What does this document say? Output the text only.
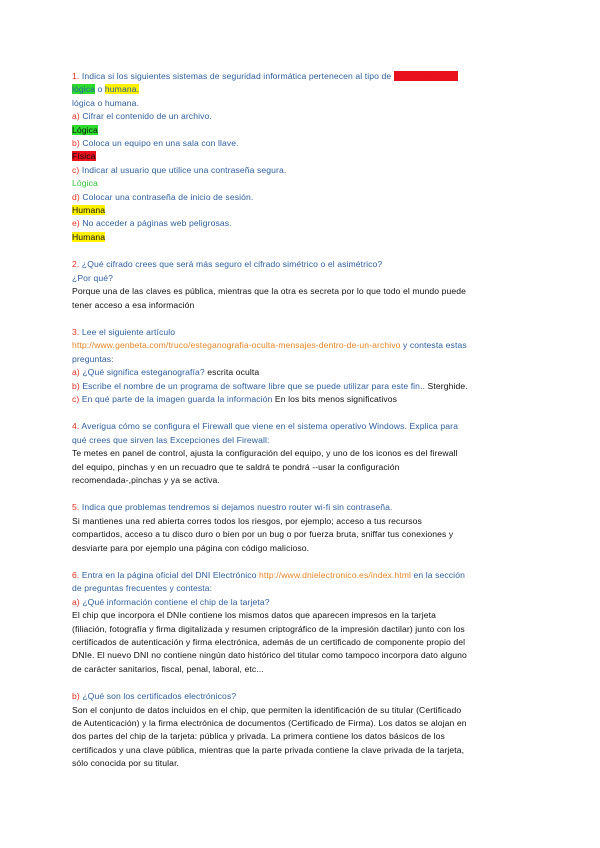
1. Indica si los siguientes sistemas de seguridad informática pertenecen al tipo de seguridad física,
lógica o humana.
lógica o humana.
a) Cifrar el contenido de un archivo.
Lógica
b) Coloca un equipo en una sala con llave.
Física
c) Indicar al usuario que utilice una contraseña segura.
Lógica
d) Colocar una contraseña de inicio de sesión.
Humana
e) No acceder a páginas web peligrosas.
Humana
2. ¿Qué cifrado crees que será más seguro el cifrado simétrico o el asimétrico?
¿Por qué?
Porque una de las claves es pública, mientras que la otra es secreta por lo que todo el mundo puede
tener acceso a esa información
3. Lee el siguiente artículo
http://www.genbeta.com/truco/esteganografia-oculta-mensajes-dentro-de-un-archivo y contesta estas
preguntas:
a) ¿Qué significa esteganografía? escrita oculta
b) Escribe el nombre de un programa de software libre que se puede utilizar para este fin.. Sterghide.
c) En qué parte de la imagen guarda la información En los bits menos significativos
4. Averigua cómo se configura el Firewall que viene en el sistema operativo Windows. Explica para
qué crees que sirven las Excepciones del Firewall:
Te metes en panel de control, ajusta la configuración del equipo, y uno de los iconos es del firewall
del equipo, pinchas y en un recuadro que te saldrá te pondrá --usar la configuración
recomendada-,pinchas y ya se activa.
5. Indica que problemas tendremos si dejamos nuestro router wi-fi sin contraseña.
Si mantienes una red abierta corres todos los riesgos, por ejemplo; acceso a tus recursos
compartidos, acceso a tu disco duro o bien por un bug o por fuerza bruta, sniffar tus conexiones y
desviarte para por ejemplo una página con código malicioso.
6. Entra en la página oficial del DNI Electrónico http://www.dnielectronico.es/index.html en la sección
de preguntas frecuentes y contesta:
a) ¿Qué información contiene el chip de la tarjeta?
El chip que incorpora el DNIe contiene los mismos datos que aparecen impresos en la tarjeta
(filiación, fotografía y firma digitalizada y resumen criptográfico de la impresión dactilar) junto con los
certificados de autenticación y firma electrónica, además de un certificado de componente propio del
DNIe. El nuevo DNI no contiene ningún dato histórico del titular como tampoco incorpora dato alguno
de carácter sanitarios, fiscal, penal, laboral, etc...
b) ¿Qué son los certificados electrónicos?
Son el conjunto de datos incluidos en el chip, que permiten la identificación de su titular (Certificado
de Autenticación) y la firma electrónica de documentos (Certificado de Firma). Los datos se alojan en
dos partes del chip de la tarjeta: pública y privada. La primera contiene los datos básicos de los
certificados y una clave pública, mientras que la parte privada contiene la clave privada de la tarjeta,
sólo conocida por su titular.
